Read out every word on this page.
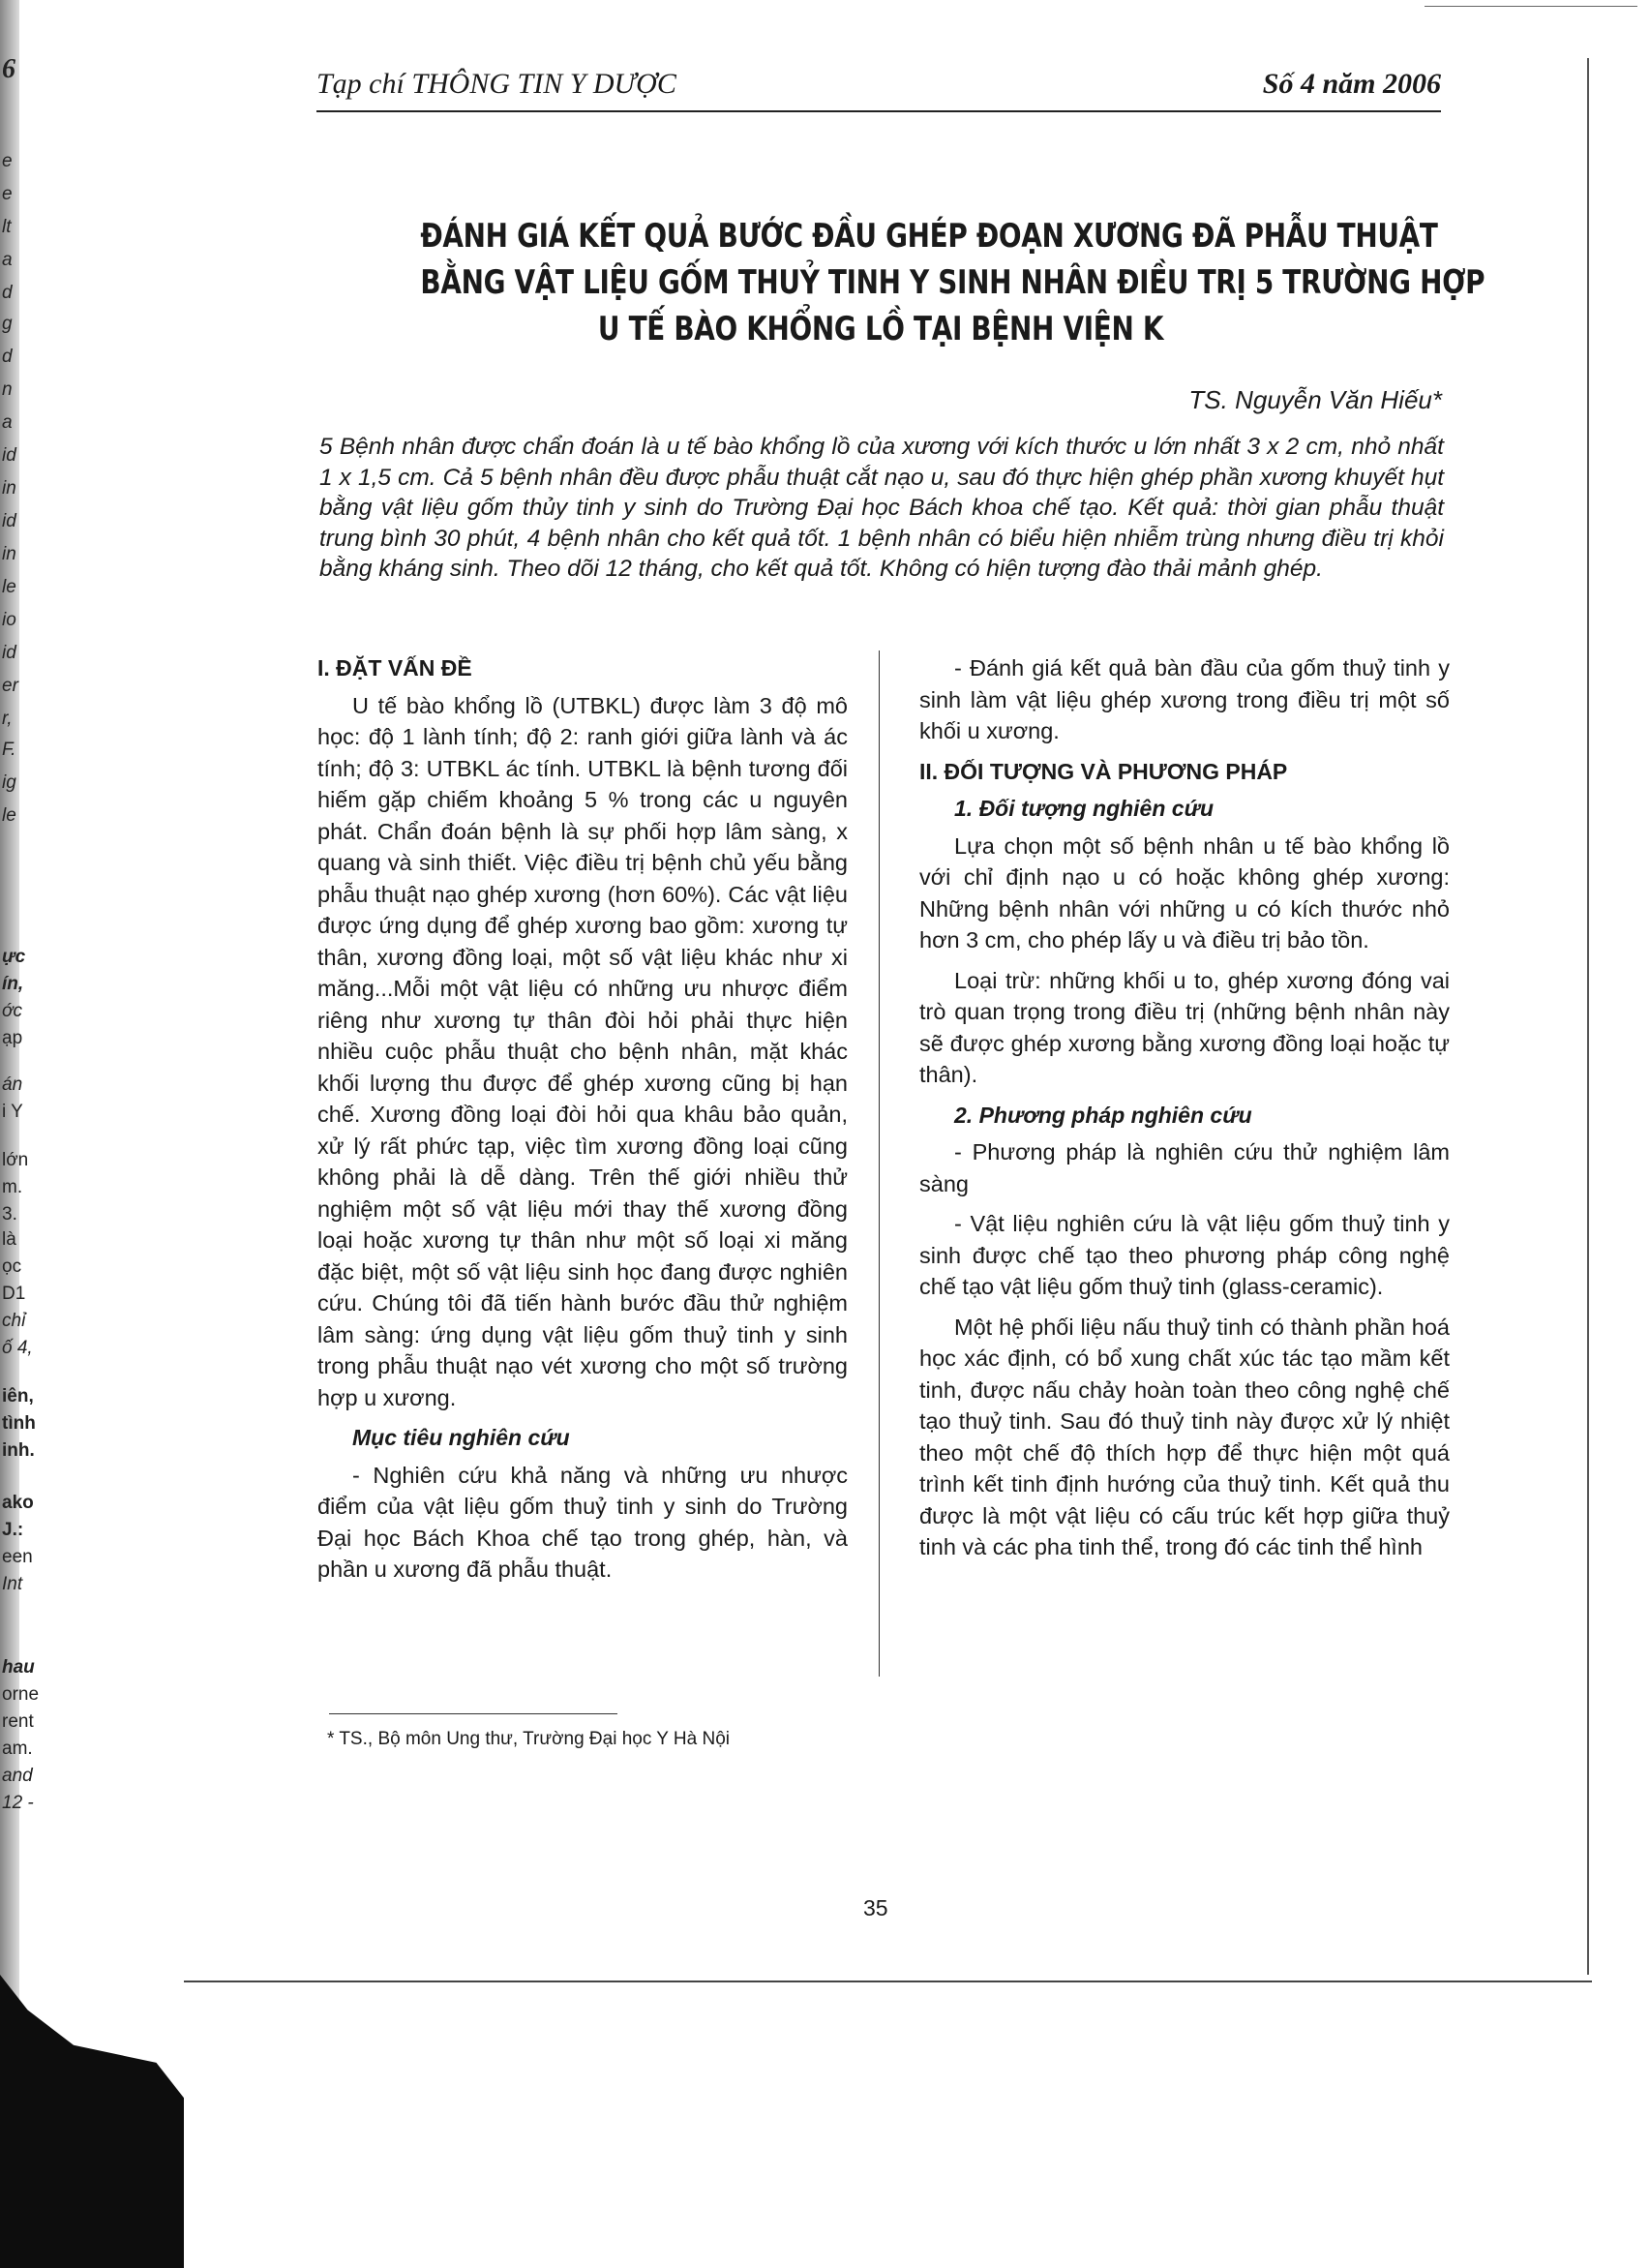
6
e
e
lt
a
d
g
d
n
a
id
in
id
in
le
io
id
er
r,
F.
ig
le
ực
ín,
ớc
ạp
án
i Y
lớn
m.
3.
là
ọc
D1
chỉ
ố 4,
iên,
tình
inh.
ako
J.:
een
Int
hau
orne
rent
am.
and
12 -
Tạp chí THÔNG TIN Y DƯỢC	Số 4 năm 2006
ĐÁNH GIÁ KẾT QUẢ BƯỚC ĐẦU GHÉP ĐOẠN XƯƠNG ĐÃ PHẪU THUẬT
BẰNG VẬT LIỆU GỐM THUỶ TINH Y SINH NHÂN ĐIỀU TRỊ 5 TRƯỜNG HỢP
U TẾ BÀO KHỔNG LỒ TẠI BỆNH VIỆN K
TS. Nguyễn Văn Hiếu*
5 Bệnh nhân được chẩn đoán là u tế bào khổng lồ của xương với kích thước u lớn nhất 3 x 2 cm, nhỏ nhất 1 x 1,5 cm. Cả 5 bệnh nhân đều được phẫu thuật cắt nạo u, sau đó thực hiện ghép phần xương khuyết hụt bằng vật liệu gốm thủy tinh y sinh do Trường Đại học Bách khoa chế tạo. Kết quả: thời gian phẫu thuật trung bình 30 phút, 4 bệnh nhân cho kết quả tốt. 1 bệnh nhân có biểu hiện nhiễm trùng nhưng điều trị khỏi bằng kháng sinh. Theo dõi 12 tháng, cho kết quả tốt. Không có hiện tượng đào thải mảnh ghép.

I. ĐẶT VẤN ĐỀ

U tế bào khổng lồ (UTBKL) được làm 3 độ mô học: độ 1 lành tính; độ 2: ranh giới giữa lành và ác tính; độ 3: UTBKL ác tính. UTBKL là bệnh tương đối hiếm gặp chiếm khoảng 5 % trong các u nguyên phát. Chẩn đoán bệnh là sự phối hợp lâm sàng, x quang và sinh thiết. Việc điều trị bệnh chủ yếu bằng phẫu thuật nạo ghép xương (hơn 60%). Các vật liệu được ứng dụng để ghép xương bao gồm: xương tự thân, xương đồng loại, một số vật liệu khác như xi măng...Mỗi một vật liệu có những ưu nhược điểm riêng như xương tự thân đòi hỏi phải thực hiện nhiều cuộc phẫu thuật cho bệnh nhân, mặt khác khối lượng thu được để ghép xương cũng bị hạn chế. Xương đồng loại đòi hỏi qua khâu bảo quản, xử lý rất phức tạp, việc tìm xương đồng loại cũng không phải là dễ dàng. Trên thế giới nhiều thử nghiệm một số vật liệu mới thay thế xương đồng loại hoặc xương tự thân như một số loại xi măng đặc biệt, một số vật liệu sinh học đang được nghiên cứu. Chúng tôi đã tiến hành bước đầu thử nghiệm lâm sàng: ứng dụng vật liệu gốm thuỷ tinh y sinh trong phẫu thuật nạo vét xương cho một số trường hợp u xương.

Mục tiêu nghiên cứu

- Nghiên cứu khả năng và những ưu nhược điểm của vật liệu gốm thuỷ tinh y sinh do Trường Đại học Bách Khoa chế tạo trong ghép, hàn, và phần u xương đã phẫu thuật.

- Đánh giá kết quả bàn đầu của gốm thuỷ tinh y sinh làm vật liệu ghép xương trong điều trị một số khối u xương.

II. ĐỐI TƯỢNG VÀ PHƯƠNG PHÁP

1. Đối tượng nghiên cứu

Lựa chọn một số bệnh nhân u tế bào khổng lồ với chỉ định nạo u có hoặc không ghép xương: Những bệnh nhân với những u có kích thước nhỏ hơn 3 cm, cho phép lấy u và điều trị bảo tồn.

Loại trừ: những khối u to, ghép xương đóng vai trò quan trọng trong điều trị (những bệnh nhân này sẽ được ghép xương bằng xương đồng loại hoặc tự thân).

2. Phương pháp nghiên cứu

- Phương pháp là nghiên cứu thử nghiệm lâm sàng

- Vật liệu nghiên cứu là vật liệu gốm thuỷ tinh y sinh được chế tạo theo phương pháp công nghệ chế tạo vật liệu gốm thuỷ tinh (glass-ceramic).

Một hệ phối liệu nấu thuỷ tinh có thành phần hoá học xác định, có bổ xung chất xúc tác tạo mầm kết tinh, được nấu chảy hoàn toàn theo công nghệ chế tạo thuỷ tinh. Sau đó thuỷ tinh này được xử lý nhiệt theo một chế độ thích hợp để thực hiện một quá trình kết tinh định hướng của thuỷ tinh. Kết quả thu được là một vật liệu có cấu trúc kết hợp giữa thuỷ tinh và các pha tinh thể, trong đó các tinh thể hình

* TS., Bộ môn Ung thư, Trường Đại học Y Hà Nội
35
